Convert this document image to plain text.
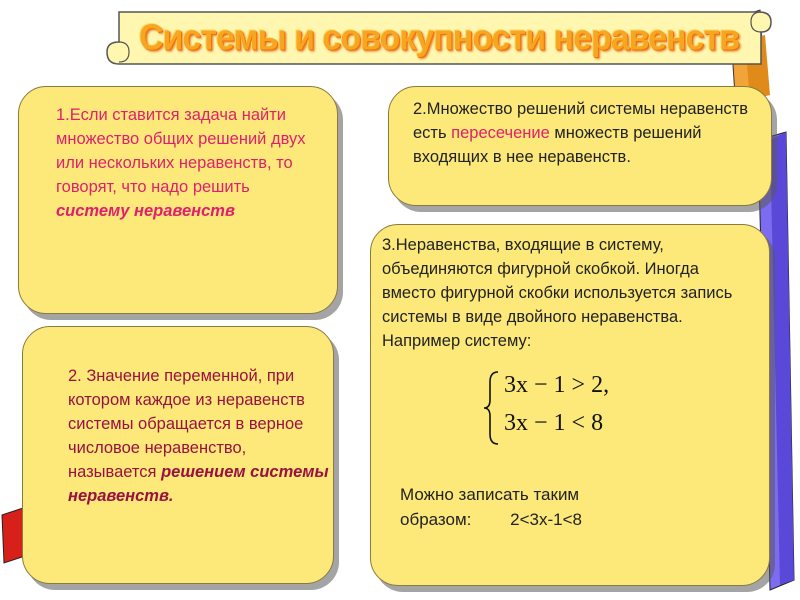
Системы и совокупности неравенств
1.Если ставится задача найти множество общих решений двух или нескольких неравенств, то говорят, что надо решить систему неравенств
2.Множество решений системы неравенств есть пересечение множеств решений входящих в нее неравенств.
2. Значение переменной, при котором каждое из неравенств системы обращается в верное числовое неравенство, называется решением системы неравенств.
3.Неравенства, входящие в систему, объединяются фигурной скобкой. Иногда вместо фигурной скобки используется запись системы в виде двойного неравенства. Например систему:
3x − 1 > 2,
3x − 1 < 8
Можно записать таким
образом: 2<3x-1<8
